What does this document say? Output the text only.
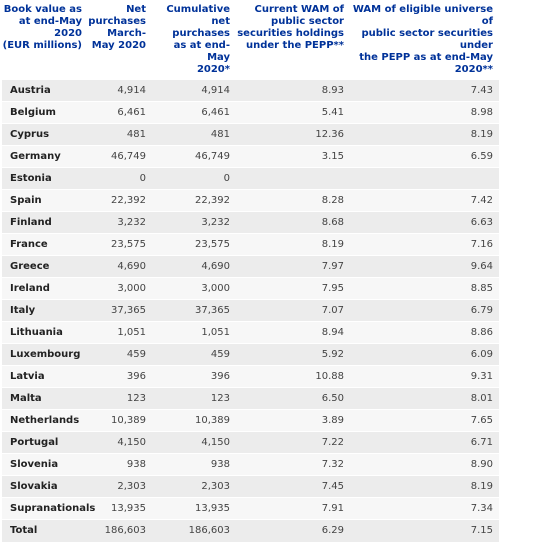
Book value as
at end-May
2020
(EUR millions)	Net
purchases
March-
May 2020	Cumulative
net purchases
as at end-May
2020*	Current WAM of
public sector
securities holdings
under the PEPP**	WAM of eligible universe of
public sector securities under
the PEPP as at end-May
2020**
Austria	4,914	4,914	8.93	7.43
Belgium	6,461	6,461	5.41	8.98
Cyprus	481	481	12.36	8.19
Germany	46,749	46,749	3.15	6.59
Estonia	0	0		
Spain	22,392	22,392	8.28	7.42
Finland	3,232	3,232	8.68	6.63
France	23,575	23,575	8.19	7.16
Greece	4,690	4,690	7.97	9.64
Ireland	3,000	3,000	7.95	8.85
Italy	37,365	37,365	7.07	6.79
Lithuania	1,051	1,051	8.94	8.86
Luxembourg	459	459	5.92	6.09
Latvia	396	396	10.88	9.31
Malta	123	123	6.50	8.01
Netherlands	10,389	10,389	3.89	7.65
Portugal	4,150	4,150	7.22	6.71
Slovenia	938	938	7.32	8.90
Slovakia	2,303	2,303	7.45	8.19
Supranationals	13,935	13,935	7.91	7.34
Total	186,603	186,603	6.29	7.15
